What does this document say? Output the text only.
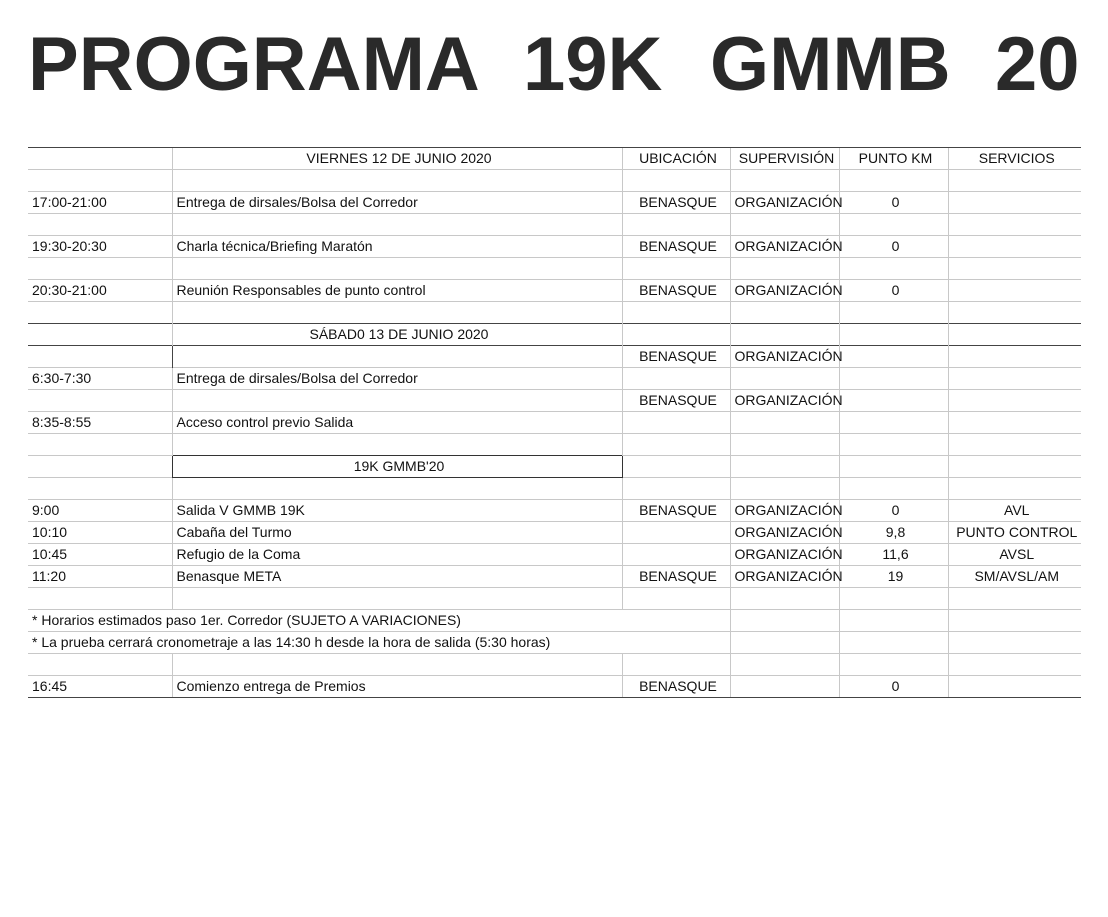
PROGRAMA 19K GMMB 20
	VIERNES 12 DE JUNIO 2020	UBICACIÓN	SUPERVISIÓN	PUNTO KM	SERVICIOS

17:00-21:00	Entrega de dirsales/Bolsa del Corredor	BENASQUE	ORGANIZACIÓN	0	

19:30-20:30	Charla técnica/Briefing Maratón	BENASQUE	ORGANIZACIÓN	0	

20:30-21:00	Reunión Responsables de punto control	BENASQUE	ORGANIZACIÓN	0	

	SÁBAD0 13 DE JUNIO 2020				
		BENASQUE	ORGANIZACIÓN		
6:30-7:30	Entrega de dirsales/Bolsa del Corredor				
		BENASQUE	ORGANIZACIÓN		
8:35-8:55	Acceso control previo Salida				

	19K GMMB'20				

9:00	Salida V GMMB 19K	BENASQUE	ORGANIZACIÓN	0	AVL
10:10	Cabaña del Turmo		ORGANIZACIÓN	9,8	PUNTO CONTROL
10:45	Refugio de la Coma		ORGANIZACIÓN	11,6	AVSL
11:20	Benasque META	BENASQUE	ORGANIZACIÓN	19	SM/AVSL/AM

* Horarios estimados paso 1er. Corredor (SUJETO A VARIACIONES)					
* La prueba cerrará cronometraje a las 14:30 h desde la hora de salida (5:30 horas)					

16:45	Comienzo entrega de Premios	BENASQUE		0	
